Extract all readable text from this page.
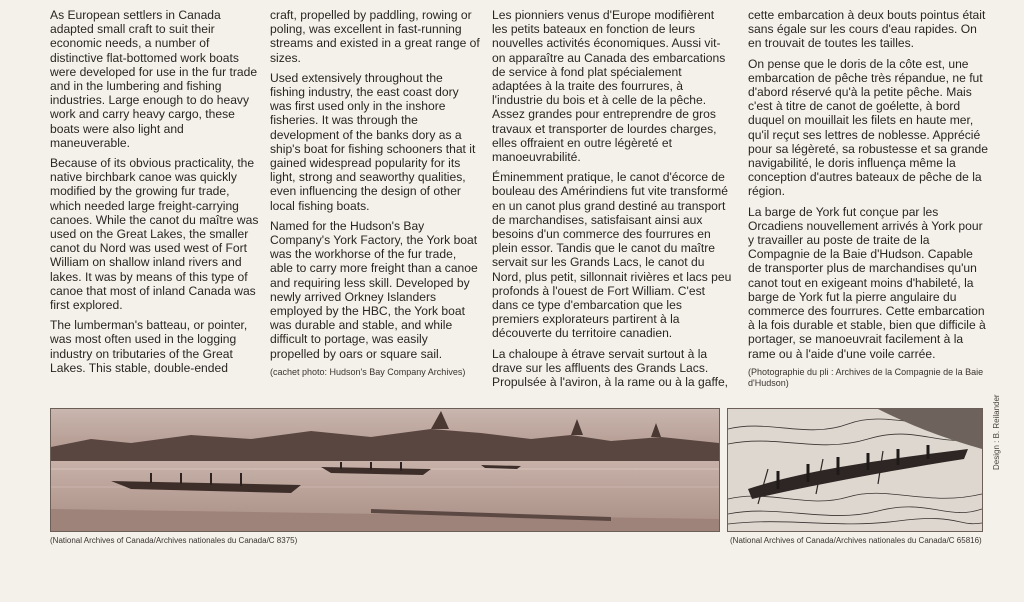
As European settlers in Canada adapted small craft to suit their economic needs, a number of distinctive flat-bottomed work boats were developed for use in the fur trade and in the lumbering and fishing industries. Large enough to do heavy work and carry heavy cargo, these boats were also light and maneuverable.

Because of its obvious practicality, the native birchbark canoe was quickly modified by the growing fur trade, which needed large freight-carrying canoes. While the canot du maître was used on the Great Lakes, the smaller canot du Nord was used west of Fort William on shallow inland rivers and lakes. It was by means of this type of canoe that most of inland Canada was first explored.

The lumberman's batteau, or pointer, was most often used in the logging industry on tributaries of the Great Lakes. This stable, double-ended

craft, propelled by paddling, rowing or poling, was excellent in fast-running streams and existed in a great range of sizes.

Used extensively throughout the fishing industry, the east coast dory was first used only in the inshore fisheries. It was through the development of the banks dory as a ship's boat for fishing schooners that it gained widespread popularity for its light, strong and seaworthy qualities, even influencing the design of other local fishing boats.

Named for the Hudson's Bay Company's York Factory, the York boat was the workhorse of the fur trade, able to carry more freight than a canoe and requiring less skill. Developed by newly arrived Orkney Islanders employed by the HBC, the York boat was durable and stable, and while difficult to portage, was easily propelled by oars or square sail.

(cachet photo: Hudson's Bay Company Archives)

Les pionniers venus d'Europe modifièrent les petits bateaux en fonction de leurs nouvelles activités économiques. Aussi vit-on apparaître au Canada des embarcations de service à fond plat spécialement adaptées à la traite des fourrures, à l'industrie du bois et à celle de la pêche. Assez grandes pour entreprendre de gros travaux et transporter de lourdes charges, elles offraient en outre légèreté et manoeuvrabilité.

Éminemment pratique, le canot d'écorce de bouleau des Amérindiens fut vite transformé en un canot plus grand destiné au transport de marchandises, satisfaisant ainsi aux besoins d'un commerce des fourrures en plein essor. Tandis que le canot du maître servait sur les Grands Lacs, le canot du Nord, plus petit, sillonnait rivières et lacs peu profonds à l'ouest de Fort William. C'est dans ce type d'embarcation que les premiers explorateurs partirent à la découverte du territoire canadien.

La chaloupe à étrave servait surtout à la drave sur les affluents des Grands Lacs. Propulsée à l'aviron, à la rame ou à la gaffe,

cette embarcation à deux bouts pointus était sans égale sur les cours d'eau rapides. On en trouvait de toutes les tailles.

On pense que le doris de la côte est, une embarcation de pêche très répandue, ne fut d'abord réservé qu'à la petite pêche. Mais c'est à titre de canot de goélette, à bord duquel on mouillait les filets en haute mer, qu'il reçut ses lettres de noblesse. Apprécié pour sa légèreté, sa robustesse et sa grande navigabilité, le doris influença même la conception d'autres bateaux de pêche de la région.

La barge de York fut conçue par les Orcadiens nouvellement arrivés à York pour y travailler au poste de traite de la Compagnie de la Baie d'Hudson. Capable de transporter plus de marchandises qu'un canot tout en exigeant moins d'habileté, la barge de York fut la pierre angulaire du commerce des fourrures. Cette embarcation à la fois durable et stable, bien que difficile à portager, se manoeuvrait facilement à la rame ou à l'aide d'une voile carrée.

(Photographie du pli : Archives de la Compagnie de la Baie d'Hudson)

(National Archives of Canada/Archives nationales du Canada/C 8375)	(National Archives of Canada/Archives nationales du Canada/C 65816)
Design : B. Reilander
